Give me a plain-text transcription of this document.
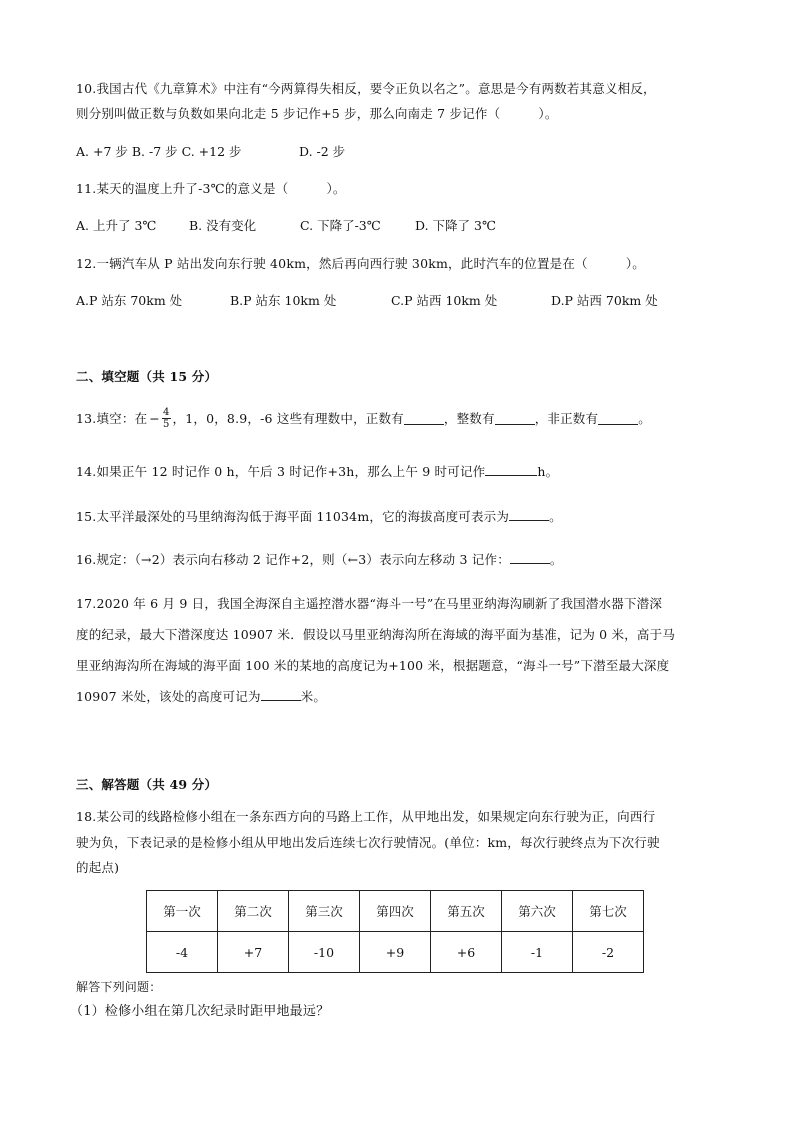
10.我国古代《九章算术》中注有“今两算得失相反，要令正负以名之”。意思是今有两数若其意义相反，
则分别叫做正数与负数如果向北走 5 步记作+5 步，那么向南走 7 步记作（　　　）。
A. +7 步 B. -7 步 C. +12 步	D. -2 步
11.某天的温度上升了-3℃的意义是（　　　）。
A. 上升了 3℃	B. 没有变化	C. 下降了-3℃	D. 下降了 3℃
12.一辆汽车从 P 站出发向东行驶 40km，然后再向西行驶 30km，此时汽车的位置是在（　　　）。
A.P 站东 70km 处	B.P 站东 10km 处	C.P 站西 10km 处	D.P 站西 70km 处
二、填空题（共 15 分）
13.填空：在 − $\frac{4}{5}$ ，1，0，8.9，-6 这些有理数中，正数有	，整数有	，非正数有	。
14.如果正午 12 时记作 0 h，午后 3 时记作+3h，那么上午 9 时可记作	h。
15.太平洋最深处的马里纳海沟低于海平面 11034m，它的海拔高度可表示为	。
16.规定：（→2）表示向右移动 2 记作+2，则（←3）表示向左移动 3 记作：	。
17.2020 年 6 月 9 日，我国全海深自主遥控潜水器“海斗一号”在马里亚纳海沟刷新了我国潜水器下潜深
度的纪录，最大下潜深度达 10907 米．假设以马里亚纳海沟所在海域的海平面为基准，记为 0 米，高于马
里亚纳海沟所在海域的海平面 100 米的某地的高度记为+100 米，根据题意，“海斗一号”下潜至最大深度
10907 米处，该处的高度可记为	米。
三、解答题（共 49 分）
18.某公司的线路检修小组在一条东西方向的马路上工作，从甲地出发，如果规定向东行驶为正，向西行
驶为负，下表记录的是检修小组从甲地出发后连续七次行驶情况。(单位：km，每次行驶终点为下次行驶
的起点)
第一次	第二次	第三次	第四次	第五次	第六次	第七次
-4	+7	-10	+9	+6	-1	-2
解答下列问题：
（1）检修小组在第几次纪录时距甲地最远？
